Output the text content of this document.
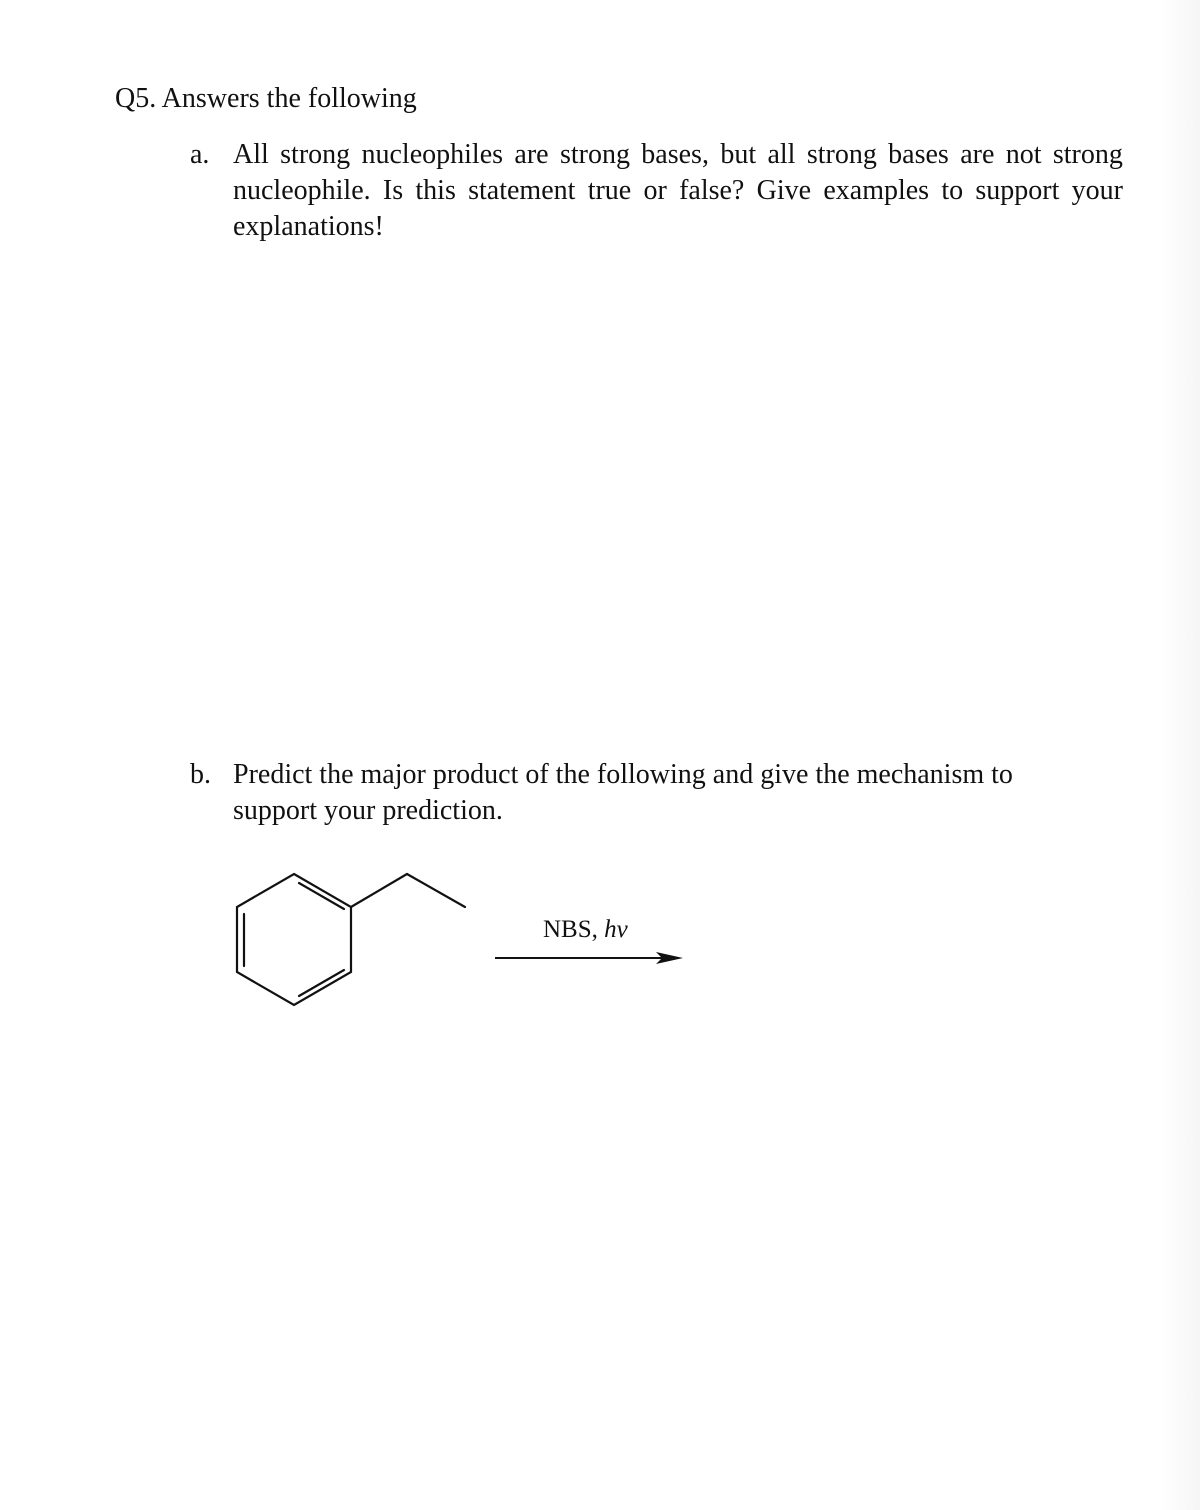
Q5. Answers the following
a. All strong nucleophiles are strong bases, but all strong bases are not strong
nucleophile. Is this statement true or false? Give examples to support your
explanations!
b. Predict the major product of the following and give the mechanism to
support your prediction.
NBS, hv
